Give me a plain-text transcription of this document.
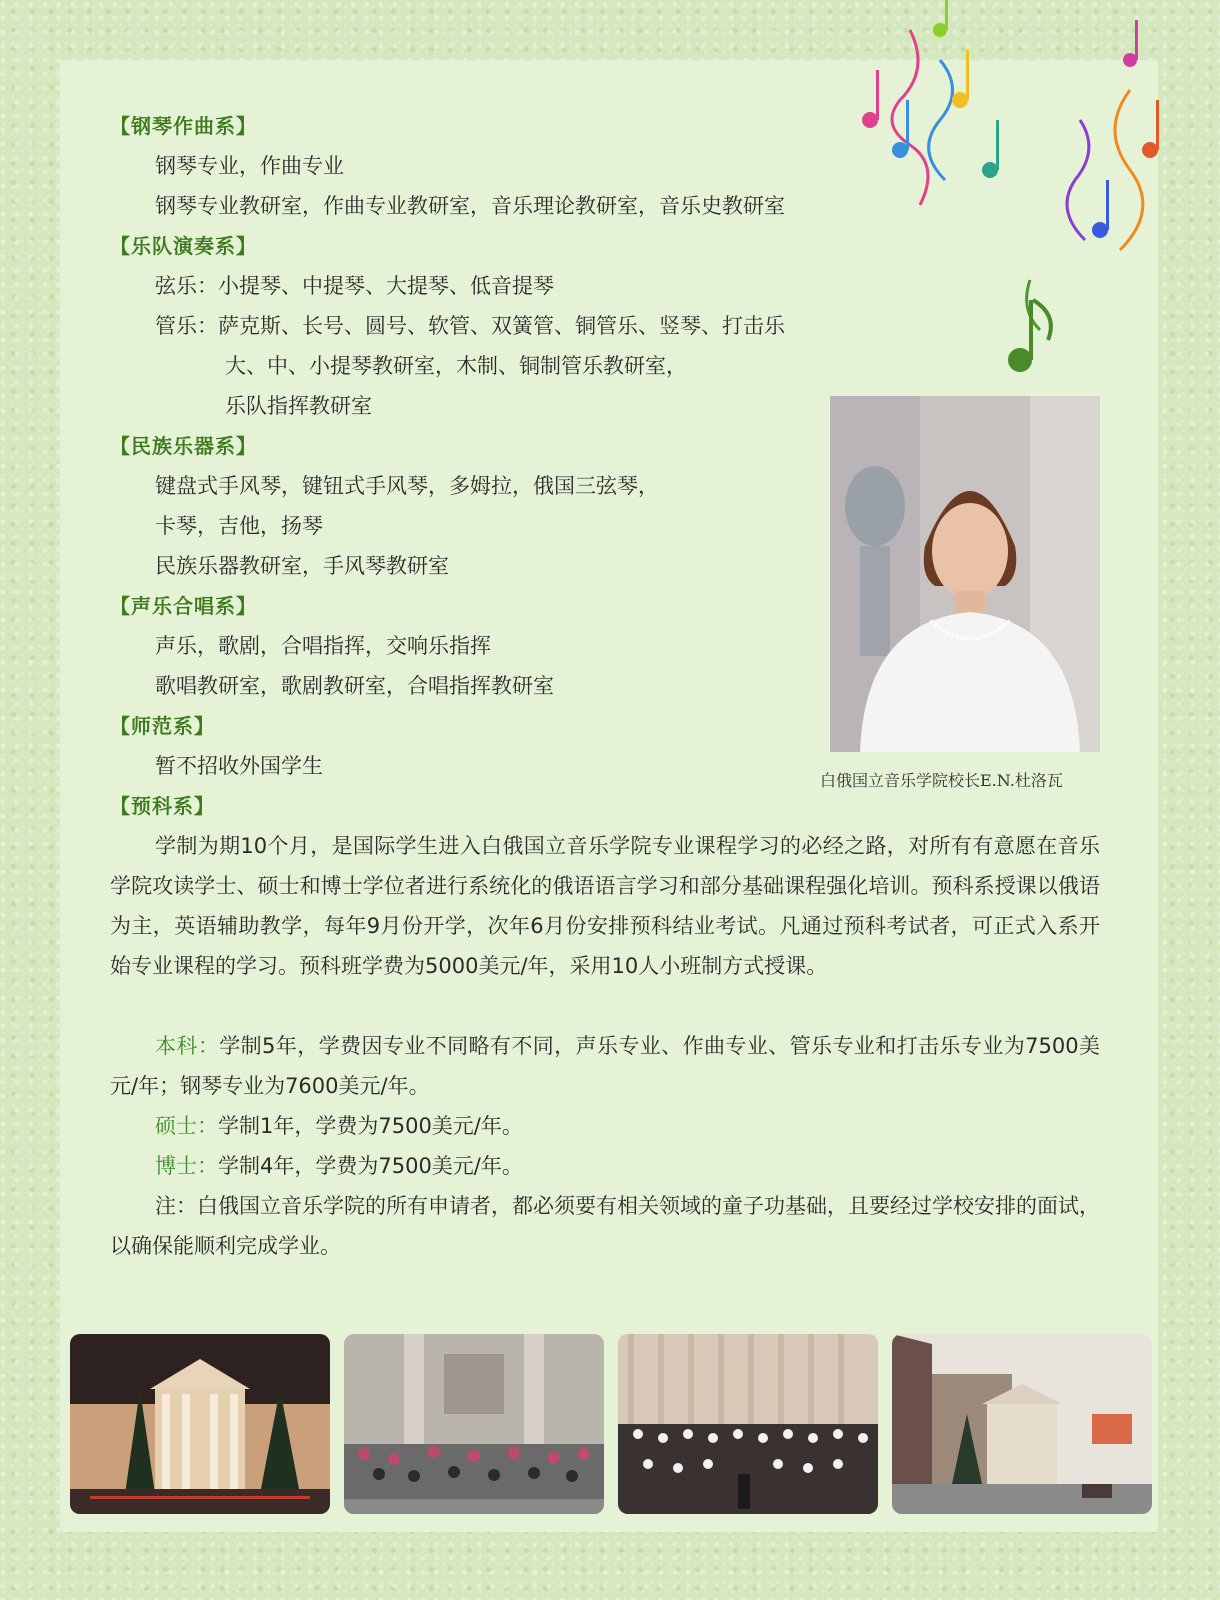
【钢琴作曲系】
钢琴专业，作曲专业
钢琴专业教研室，作曲专业教研室，音乐理论教研室，音乐史教研室
【乐队演奏系】
弦乐：小提琴、中提琴、大提琴、低音提琴
管乐：萨克斯、长号、圆号、软管、双簧管、铜管乐、竖琴、打击乐
大、中、小提琴教研室，木制、铜制管乐教研室，
乐队指挥教研室
【民族乐器系】
键盘式手风琴，键钮式手风琴，多姆拉，俄国三弦琴，
卡琴，吉他，扬琴
民族乐器教研室，手风琴教研室
【声乐合唱系】
声乐，歌剧，合唱指挥，交响乐指挥
歌唱教研室，歌剧教研室，合唱指挥教研室
【师范系】
暂不招收外国学生
【预科系】
学制为期10个月，是国际学生进入白俄国立音乐学院专业课程学习的必经之路，对所有有意愿在音乐学院攻读学士、硕士和博士学位者进行系统化的俄语语言学习和部分基础课程强化培训。预科系授课以俄语为主，英语辅助教学，每年9月份开学，次年6月份安排预科结业考试。凡通过预科考试者，可正式入系开始专业课程的学习。预科班学费为5000美元/年，采用10人小班制方式授课。
本科：学制5年，学费因专业不同略有不同，声乐专业、作曲专业、管乐专业和打击乐专业为7500美元/年；钢琴专业为7600美元/年。
硕士：学制1年，学费为7500美元/年。
博士：学制4年，学费为7500美元/年。
注：白俄国立音乐学院的所有申请者，都必须要有相关领域的童子功基础，且要经过学校安排的面试，以确保能顺利完成学业。
白俄国立音乐学院校长E.N.杜洛瓦
